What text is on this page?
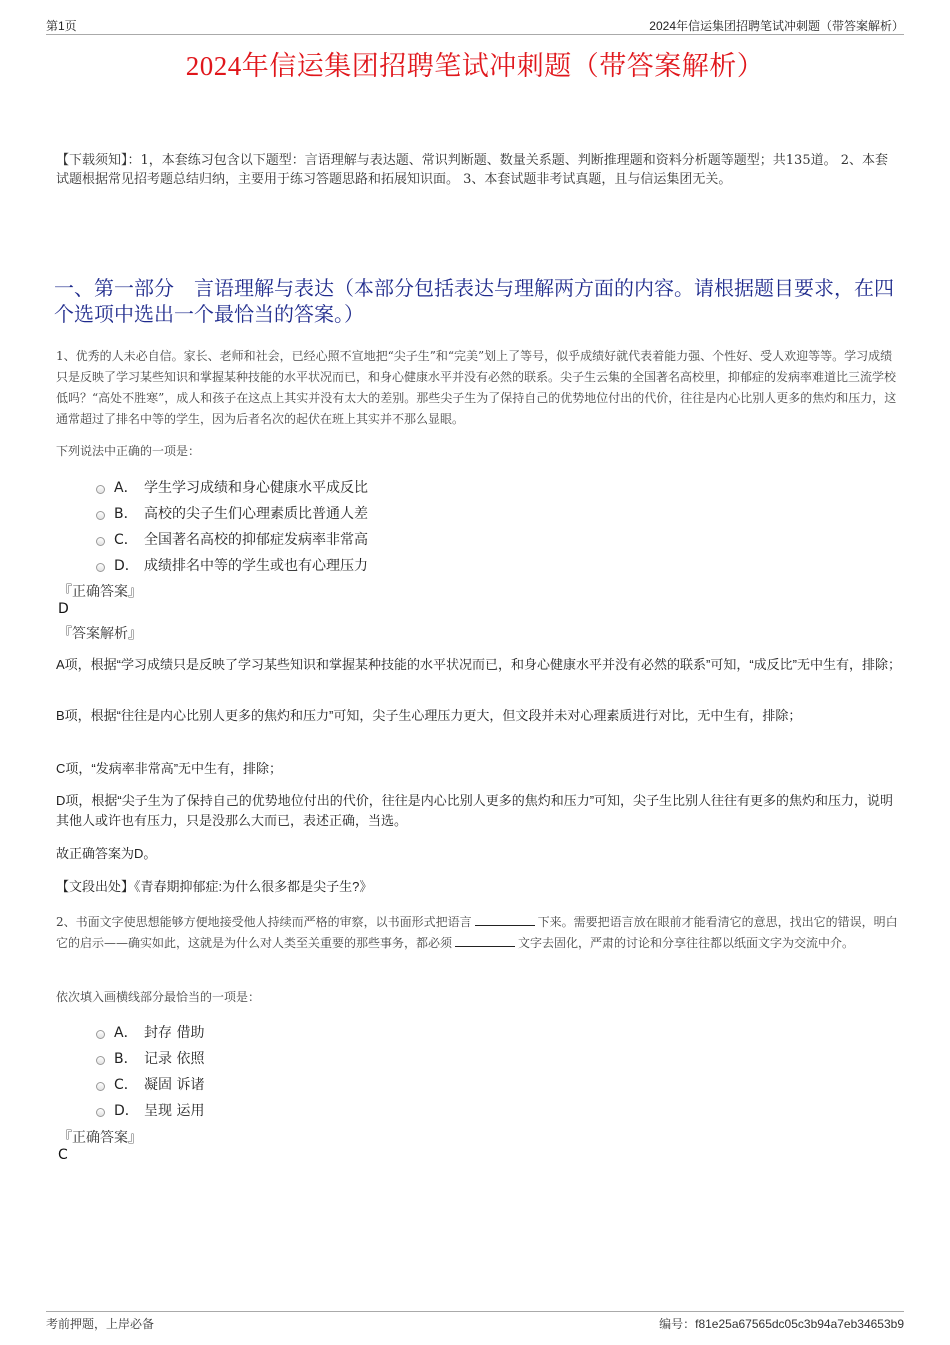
第1页	2024年信运集团招聘笔试冲刺题（带答案解析）
2024年信运集团招聘笔试冲刺题（带答案解析）
【下载须知】：1，本套练习包含以下题型：言语理解与表达题、常识判断题、数量关系题、判断推理题和资料分析题等题型；共135道。 2、本套试题根据常见招考题总结归纳，主要用于练习答题思路和拓展知识面。 3、本套试题非考试真题，且与信运集团无关。
一、第一部分　言语理解与表达（本部分包括表达与理解两方面的内容。请根据题目要求，在四个选项中选出一个最恰当的答案。）
1、优秀的人未必自信。家长、老师和社会，已经心照不宣地把“尖子生”和“完美”划上了等号，似乎成绩好就代表着能力强、个性好、受人欢迎等等。学习成绩只是反映了学习某些知识和掌握某种技能的水平状况而已，和身心健康水平并没有必然的联系。尖子生云集的全国著名高校里，抑郁症的发病率难道比三流学校低吗？“高处不胜寒”，成人和孩子在这点上其实并没有太大的差别。那些尖子生为了保持自己的优势地位付出的代价，往往是内心比别人更多的焦灼和压力，这通常超过了排名中等的学生，因为后者名次的起伏在班上其实并不那么显眼。
下列说法中正确的一项是：
A． 学生学习成绩和身心健康水平成反比
B． 高校的尖子生们心理素质比普通人差
C． 全国著名高校的抑郁症发病率非常高
D． 成绩排名中等的学生或也有心理压力
『正确答案』
D
『答案解析』
A项，根据“学习成绩只是反映了学习某些知识和掌握某种技能的水平状况而已，和身心健康水平并没有必然的联系”可知，“成反比”无中生有，排除；
B项，根据“往往是内心比别人更多的焦灼和压力”可知，尖子生心理压力更大，但文段并未对心理素质进行对比，无中生有，排除；
C项，“发病率非常高”无中生有，排除；
D项，根据“尖子生为了保持自己的优势地位付出的代价，往往是内心比别人更多的焦灼和压力”可知，尖子生比别人往往有更多的焦灼和压力，说明其他人或许也有压力，只是没那么大而已，表述正确，当选。
故正确答案为D。
【文段出处】《青春期抑郁症:为什么很多都是尖子生?》
2、书面文字使思想能够方便地接受他人持续而严格的审察，以书面形式把语言	下来。需要把语言放在眼前才能看清它的意思，找出它的错误，明白它的启示——确实如此，这就是为什么对人类至关重要的那些事务，都必须	文字去固化，严肃的讨论和分享往往都以纸面文字为交流中介。
依次填入画横线部分最恰当的一项是：
A． 封存 借助
B． 记录 依照
C． 凝固 诉诸
D． 呈现 运用
『正确答案』
C
考前押题，上岸必备	编号：f81e25a67565dc05c3b94a7eb34653b9
